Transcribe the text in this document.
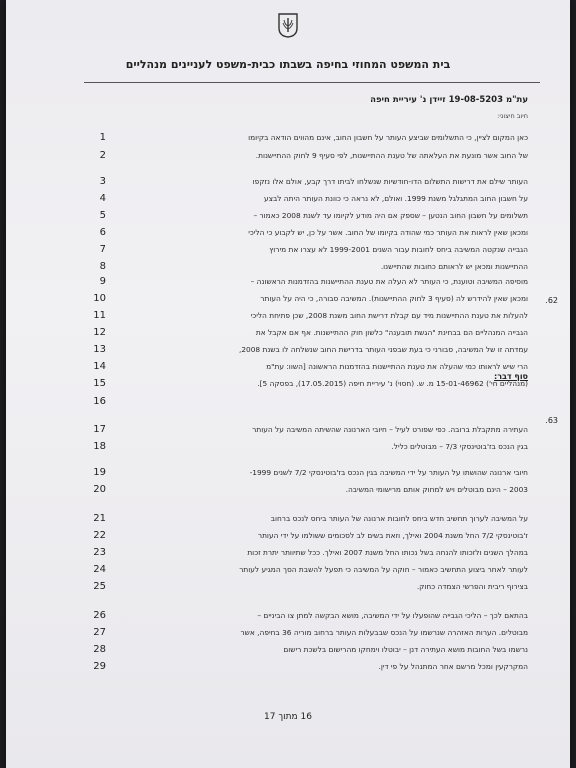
בית המשפט המחוזי בחיפה בשבתו כבית-משפט לעניינים מנהליים
עת"מ 19-08-5203 זיידן נ' עיריית חיפה
חיוב חיצוני:
1	כאן המקום לציין, כי התשלומים שביצע העותר על חשבון החוב, אינם מהווים הודאה בקיומו
2	של החוב אשר מונעת את העלאתה של טענת ההתיישנות, לפי סעיף 9 לחוק ההתיישנות.
3	העותר שילם את דרישות התשלום הדו-חודשיות שנשלחו לביתו דרך קבע, אולם אלו נזקפו
4	על חשבון החוב המתגלגל משנת 1999. ואולם, לא נראה כי כוונת העותר היתה לבצע
5	תשלומים על חשבון החוב הנטען – שספק אם היה מודע לקיומו עד לשנת 2008 כאמור –
6	ומכאן שאין לראות את העותר כמי שהודה בקיומו של החוב. אשר על כן, יש לקבוע כי הליכי
7	הגבייה שנקטה המשיבה ביחס לחובות עבור השנים 1999-2001 לא עצרו את מירוץ
8	ההתיישנות ומכאן יש לראותם כחובות שהתיישנו.
9	מוסיפה המשיבה וטוענת, כי העותר לא העלה את טענת ההתיישנות בהזדמנות הראשונה –
10	ומכאן שאין להידרש לה (סעיף 3 לחוק ההתיישנות). המשיבה סבורה, כי היה על העותר
11	להעלות את טענת ההתיישנות מיד עם קבלת דרישת החוב משנת 2008, שכן פתיחת הליכי
12	הגבייה המנהליים הם בבחינת "הגשת תובענה" כלשון חוק ההתיישנות. אף אם אקבל את
13	עמדתה זו של המשיבה, סבורני כי בעת שבפני העותר בדרישת החוב שנשלחה לו בשנת 2008,
14	הרי שיש לראותו כמי שהעלה את טענת ההתיישנות בהזדמנות הראשונה [השוו: עת"מ
15	(מנהליים חי') 15-01-46962 מ. ש. (חסוי) נ' עיריית חיפה (17.05.2015), בפסקה 5].
16
17	העתירה מתקבלת ברובה. כפי שפורט לעיל – חיובי הארנונה שהשיתה המשיבה על העותר
18	בגין הנכס בז'בוטינסקי 7/3 – מבוטלים כליל.
19	חיובי ארנונה שהושתו על העותר על ידי המשיבה בגין הנכס בז'בוטינסקי 7/2 לשנים 1999-
20	2003 – הינם מבוטלים ויש למחוק אותם מרישומי המשיבה.
21	על המשיבה לערוך תחשיב חדש ביחס לחובות ארנונה של העותר ביחס לנכס ברחוב
22	ז'בוטינסקי 7/2 החל משנת 2004 ואילך, וזאת בשים לב לסכומים ששולמו על ידי העותר
23	במהלך השנים ולזכותו להנחה בשל נכותו החל משנת 2007 ואילך. ככל שתיוותר יתרת זכות
24	לעותר לאחר ביצוע התחשיב כאמור – חוקה על המשיבה כי תפעל להשבת הסך המגיע לעותר
25	בצירוף ריבית והפרשי הצמדה כחוק.
26	בהתאם לכך – הליכי הגבייה שהופעלו על ידי המשיבה, מושא הבקשה למתן צו הביניים –
27	מבוטלים. הערות האזהרה שנרשמו על הנכס שבבעלות העותר ברחוב מוריה 36 בחיפה, אשר
28	נרשמו בשל החובות מושא העתירה דנן – יבוטלו וימחקו מהרישום בלשכת רישום
29	המקרקעין ומכל מרשם אחר המתנהל על פי דין.
62.
63.
סוף דבר:
16 מתוך 17
